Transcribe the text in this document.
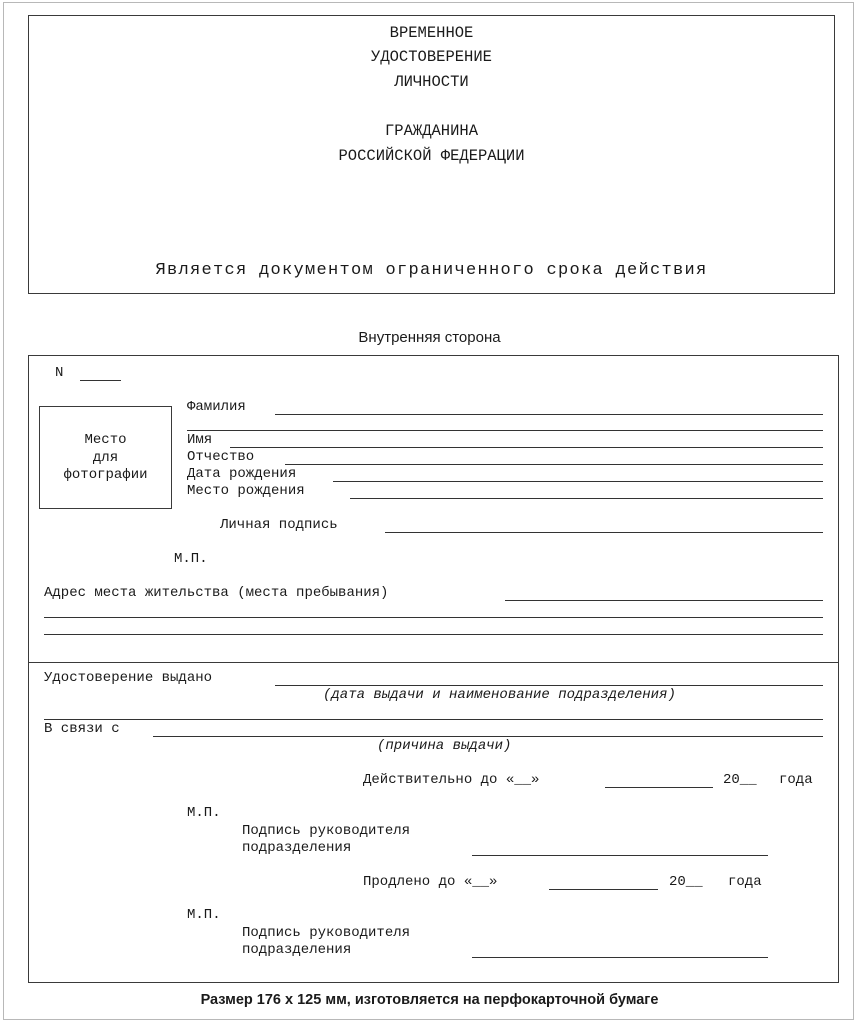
ВРЕМЕННОЕ
УДОСТОВЕРЕНИЕ
ЛИЧНОСТИ
ГРАЖДАНИНА
РОССИЙСКОЙ ФЕДЕРАЦИИ
Является документом ограниченного срока действия
Внутренняя сторона
N
Место
для
фотографии
Фамилия
Имя
Отчество
Дата рождения
Место рождения
Личная подпись
М.П.
Адрес места жительства (места пребывания)
Удостоверение выдано
(дата выдачи и наименование подразделения)
В связи с
(причина выдачи)
Действительно до «__»	20__ года
М.П.
Подпись руководителя
подразделения
Продлено до «__»	20__ года
М.П.
Подпись руководителя
подразделения
Размер 176 x 125 мм, изготовляется на перфокарточной бумаге
